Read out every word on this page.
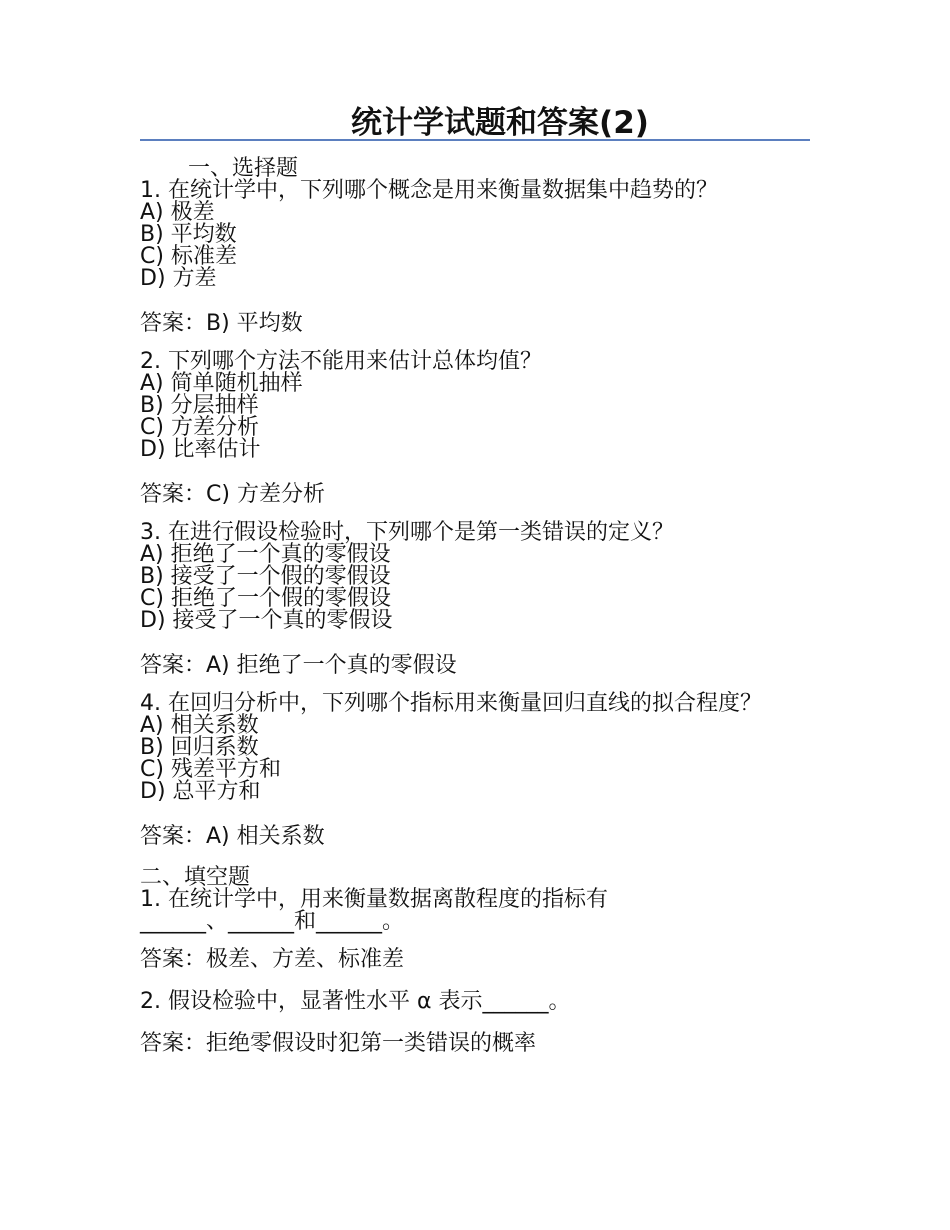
统计学试题和答案(2)
一、选择题
1. 在统计学中，下列哪个概念是用来衡量数据集中趋势的？
A) 极差
B) 平均数
C) 标准差
D) 方差
答案：B) 平均数
2. 下列哪个方法不能用来估计总体均值？
A) 简单随机抽样
B) 分层抽样
C) 方差分析
D) 比率估计
答案：C) 方差分析
3. 在进行假设检验时，下列哪个是第一类错误的定义？
A) 拒绝了一个真的零假设
B) 接受了一个假的零假设
C) 拒绝了一个假的零假设
D) 接受了一个真的零假设
答案：A) 拒绝了一个真的零假设
4. 在回归分析中，下列哪个指标用来衡量回归直线的拟合程度？
A) 相关系数
B) 回归系数
C) 残差平方和
D) 总平方和
答案：A) 相关系数
二、填空题
1. 在统计学中，用来衡量数据离散程度的指标有______、______和______。
答案：极差、方差、标准差
2. 假设检验中，显著性水平 α 表示______。
答案：拒绝零假设时犯第一类错误的概率
